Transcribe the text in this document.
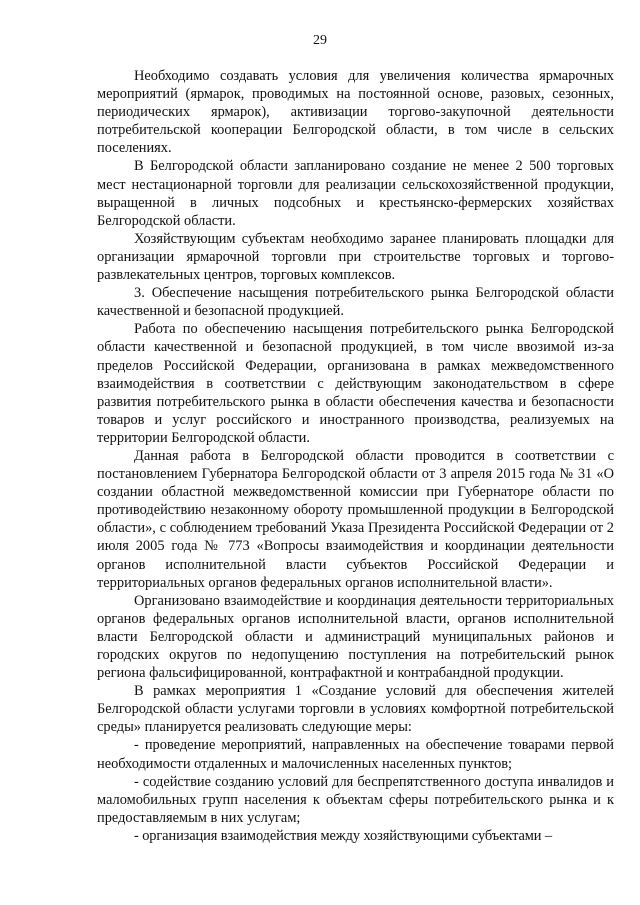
29

Необходимо создавать условия для увеличения количества ярмарочных мероприятий (ярмарок, проводимых на постоянной основе, разовых, сезонных, периодических ярмарок), активизации торгово-закупочной деятельности потребительской кооперации Белгородской области, в том числе в сельских поселениях.

В Белгородской области запланировано создание не менее 2 500 торговых мест нестационарной торговли для реализации сельскохозяйственной продукции, выращенной в личных подсобных и крестьянско-фермерских хозяйствах Белгородской области.

Хозяйствующим субъектам необходимо заранее планировать площадки для организации ярмарочной торговли при строительстве торговых и торгово-развлекательных центров, торговых комплексов.

3. Обеспечение насыщения потребительского рынка Белгородской области качественной и безопасной продукцией.

Работа по обеспечению насыщения потребительского рынка Белгородской области качественной и безопасной продукцией, в том числе ввозимой из-за пределов Российской Федерации, организована в рамках межведомственного взаимодействия в соответствии с действующим законодательством в сфере развития потребительского рынка в области обеспечения качества и безопасности товаров и услуг российского и иностранного производства, реализуемых на территории Белгородской области.

Данная работа в Белгородской области проводится в соответствии с постановлением Губернатора Белгородской области от 3 апреля 2015 года № 31 «О создании областной межведомственной комиссии при Губернаторе области по противодействию незаконному обороту промышленной продукции в Белгородской области», с соблюдением требований Указа Президента Российской Федерации от 2 июля 2005 года № 773 «Вопросы взаимодействия и координации деятельности органов исполнительной власти субъектов Российской Федерации и территориальных органов федеральных органов исполнительной власти».

Организовано взаимодействие и координация деятельности территориальных органов федеральных органов исполнительной власти, органов исполнительной власти Белгородской области и администраций муниципальных районов и городских округов по недопущению поступления на потребительский рынок региона фальсифицированной, контрафактной и контрабандной продукции.

В рамках мероприятия 1 «Создание условий для обеспечения жителей Белгородской области услугами торговли в условиях комфортной потребительской среды» планируется реализовать следующие меры:

- проведение мероприятий, направленных на обеспечение товарами первой необходимости отдаленных и малочисленных населенных пунктов;

- содействие созданию условий для беспрепятственного доступа инвалидов и маломобильных групп населения к объектам сферы потребительского рынка и к предоставляемым в них услугам;

- организация взаимодействия между хозяйствующими субъектами –
